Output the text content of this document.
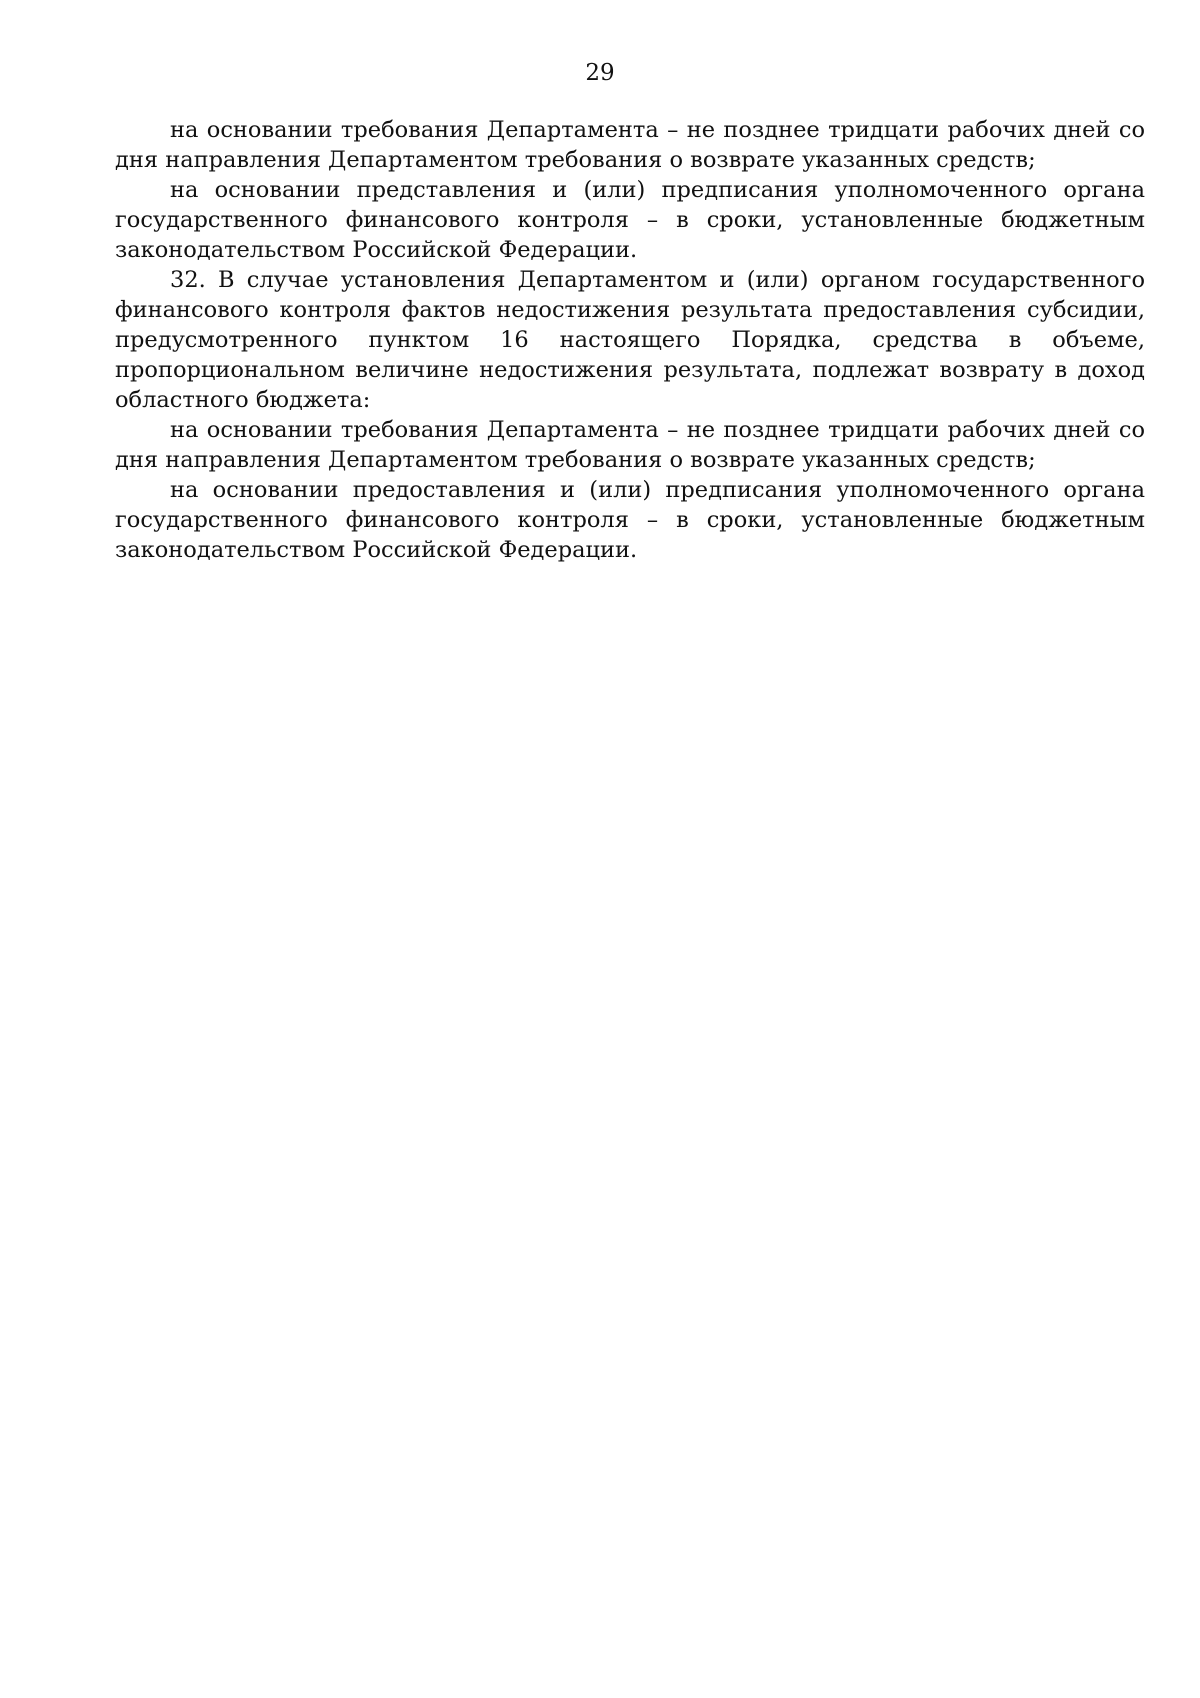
29

на основании требования Департамента – не позднее тридцати рабочих дней со дня направления Департаментом требования о возврате указанных средств;

на основании представления и (или) предписания уполномоченного органа государственного финансового контроля – в сроки, установленные бюджетным законодательством Российской Федерации.

32. В случае установления Департаментом и (или) органом государственного финансового контроля фактов недостижения результата предоставления субсидии, предусмотренного пунктом 16 настоящего Порядка, средства в объеме, пропорциональном величине недостижения результата, подлежат возврату в доход областного бюджета:

на основании требования Департамента – не позднее тридцати рабочих дней со дня направления Департаментом требования о возврате указанных средств;

на основании предоставления и (или) предписания уполномоченного органа государственного финансового контроля – в сроки, установленные бюджетным законодательством Российской Федерации.
